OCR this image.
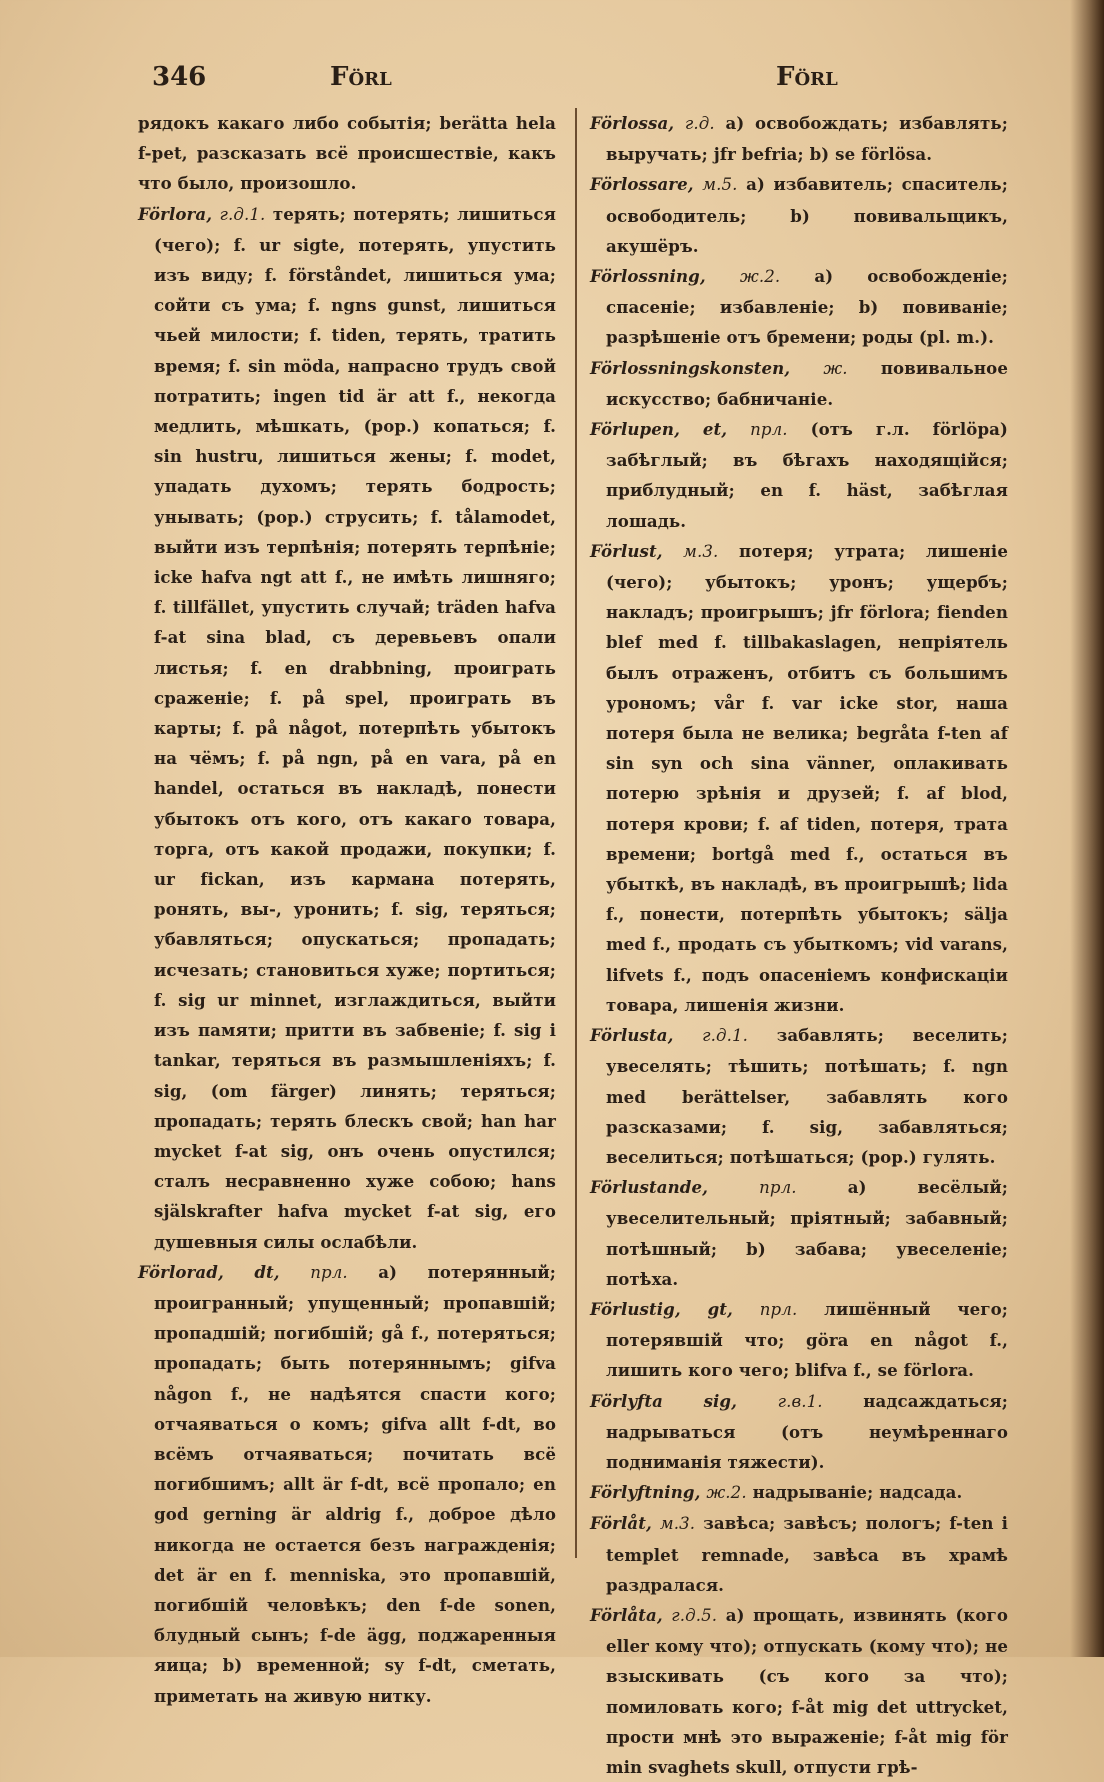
346	Förl	Förl

рядокъ какаго либо событія; berätta hela f-pet, разсказать всё происшествіе, какъ что было, произошло.

Förlora, г.д.1. терять; потерять; лишиться (чего); f. ur sigte, потерять, упустить изъ виду; f. förståndet, лишиться ума; сойти съ ума; f. ngns gunst, лишиться чьей милости; f. tiden, терять, тратить время; f. sin möda, напрасно трудъ свой потратить; ingen tid är att f., некогда медлить, мѣшкать, (pop.) копаться; f. sin hustru, лишиться жены; f. modet, упадать духомъ; терять бодрость; унывать; (pop.) струсить; f. tålamodet, выйти изъ терпѣнія; потерять терпѣніе; icke hafva ngt att f., не имѣть лишняго; f. tillfället, упустить случай; träden hafva f-at sina blad, съ деревьевъ опали листья; f. en drabbning, проиграть сраженіе; f. på spel, проиграть въ карты; f. på något, потерпѣть убытокъ на чёмъ; f. på ngn, på en vara, på en handel, остаться въ накладѣ, понести убытокъ отъ кого, отъ какаго товара, торга, отъ какой продажи, покупки; f. ur fickan, изъ кармана потерять, ронять, вы-, уронить; f. sig, теряться; убавляться; опускаться; пропадать; исчезать; становиться хуже; портиться; f. sig ur minnet, изглаждиться, выйти изъ памяти; притти въ забвеніе; f. sig i tankar, теряться въ размышленіяхъ; f. sig, (om färger) линять; теряться; пропадать; терять блескъ свой; han har mycket f-at sig, онъ очень опустился; сталъ несравненно хуже собою; hans själskrafter hafva mycket f-at sig, его душевныя силы ослабѣли.

Förlorad, dt, прл. а) потерянный; проигранный; упущенный; пропавшій; пропадшій; погибшій; gå f., потеряться; пропадать; быть потеряннымъ; gifva någon f., не надѣятся спасти кого; отчаяваться о комъ; gifva allt f-dt, во всёмъ отчаяваться; почитать всё погибшимъ; allt är f-dt, всё пропало; en god gerning är aldrig f., доброе дѣло никогда не остается безъ награжденія; det är en f. menniska, это пропавшій, погибшій человѣкъ; den f-de sonen, блудный сынъ; f-de ägg, поджаренныя яица; b) временной; sy f-dt, сметать, приметать на живую нитку.

Förlossa, г.д. а) освобождать; избавлять; выручать; jfr befria; b) se förlösa.

Förlossare, м.5. а) избавитель; спаситель; освободитель; b) повивальщикъ, акушёръ.

Förlossning, ж.2. а) освобожденіе; спасеніе; избавленіе; b) повиваніе; разрѣшеніе отъ бремени; роды (pl. m.).

Förlossningskonsten, ж. повивальное искусство; бабничаніе.

Förlupen, et, прл. (отъ г.л. förlöpa) забѣглый; въ бѣгахъ находящійся; приблудный; en f. häst, забѣглая лошадь.

Förlust, м.3. потеря; утрата; лишеніе (чего); убытокъ; уронъ; ущербъ; накладъ; проигрышъ; jfr förlora; fienden blef med f. tillbakaslagen, непріятель былъ отраженъ, отбитъ съ большимъ урономъ; vår f. var icke stor, наша потеря была не велика; begråta f-ten af sin syn och sina vänner, оплакивать потерю зрѣнія и друзей; f. af blod, потеря крови; f. af tiden, потеря, трата времени; bortgå med f., остаться въ убыткѣ, въ накладѣ, въ проигрышѣ; lida f., понести, потерпѣть убытокъ; sälja med f., продать съ убыткомъ; vid varans, lifvets f., подъ опасеніемъ конфискаціи товара, лишенія жизни.

Förlusta, г.д.1. забавлять; веселить; увеселять; тѣшить; потѣшать; f. ngn med berättelser, забавлять кого разсказами; f. sig, забавляться; веселиться; потѣшаться; (pop.) гулять.

Förlustande,	прл.	а) весёлый; увеселительный; пріятный; забавный; потѣшный; b) забава; увеселеніе; потѣха.

Förlustig, gt, прл. лишённый чего; потерявшій что; göra en något f., лишить кого чего; blifva f., se förlora.

Förlyfta sig, г.в.1. надсаждаться; надрываться (отъ неумѣреннаго подниманія тяжести).

Förlyftning, ж.2. надрываніе; надсада.

Förlåt, м.3. завѣса; завѣсъ; пологъ; f-ten i templet remnade, завѣса въ храмѣ раздралася.

Förlåta, г.д.5. а) прощать, извинять (кого eller кому что); отпускать (кому что); не взыскивать (съ кого за что); помиловать кого; f-åt mig det uttrycket, прости мнѣ это выраженіе; f-åt mig för min svaghets skull, отпусти грѣ-
